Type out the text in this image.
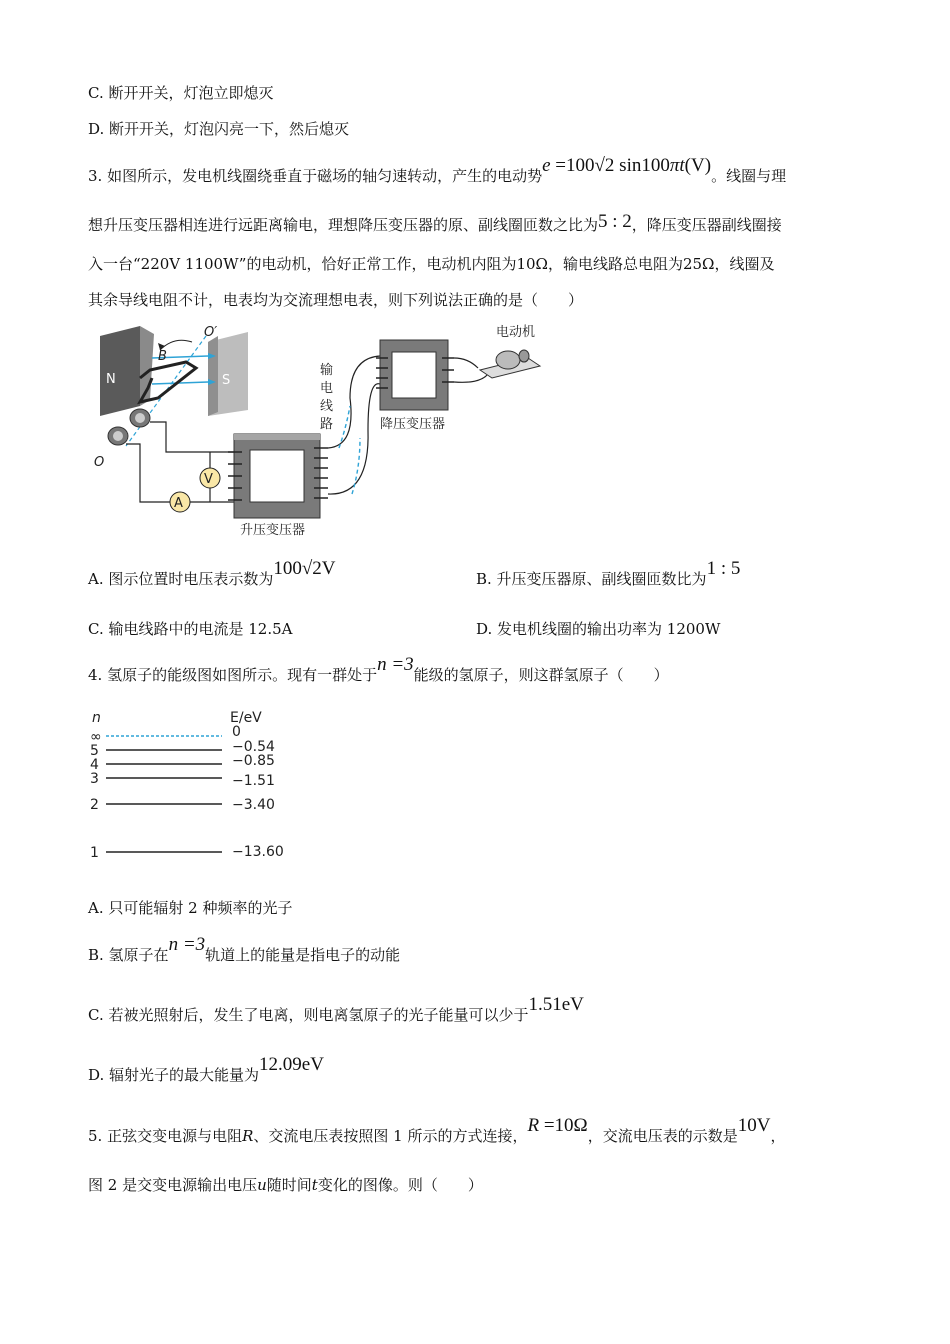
C. 断开开关，灯泡立即熄灭
D. 断开开关，灯泡闪亮一下，然后熄灭
3. 如图所示，发电机线圈绕垂直于磁场的轴匀速转动，产生的电动势e =100√2 sin100πt(V)。线圈与理
想升压变压器相连进行远距离输电，理想降压变压器的原、副线圈匝数之比为5 : 2，降压变压器副线圈接
入一台“220V 1100W”的电动机，恰好正常工作，电动机内阻为10Ω，输电线路总电阻为25Ω，线圈及
其余导线电阻不计，电表均为交流理想电表，则下列说法正确的是（　　）
N	S
B
O′
O
V
A
升压变压器
输
电
线
路	降压变压器
电动机
A. 图示位置时电压表示数为100√2V	B. 升压变压器原、副线圈匝数比为1 : 5
C. 输电线路中的电流是 12.5A	D. 发电机线圈的输出功率为 1200W
4. 氢原子的能级图如图所示。现有一群处于n =3能级的氢原子，则这群氢原子（　　）
n	E/eV
∞	0
5	−0.54
4	−0.85
3	−1.51
2	−3.40
1	−13.60
A. 只可能辐射 2 种频率的光子
B. 氢原子在n =3轨道上的能量是指电子的动能
C. 若被光照射后，发生了电离，则电离氢原子的光子能量可以少于1.51eV
D. 辐射光子的最大能量为12.09eV
5. 正弦交变电源与电阻R、交流电压表按照图 1 所示的方式连接，R =10Ω，交流电压表的示数是10V，
图 2 是交变电源输出电压u随时间t变化的图像。则（　　）
